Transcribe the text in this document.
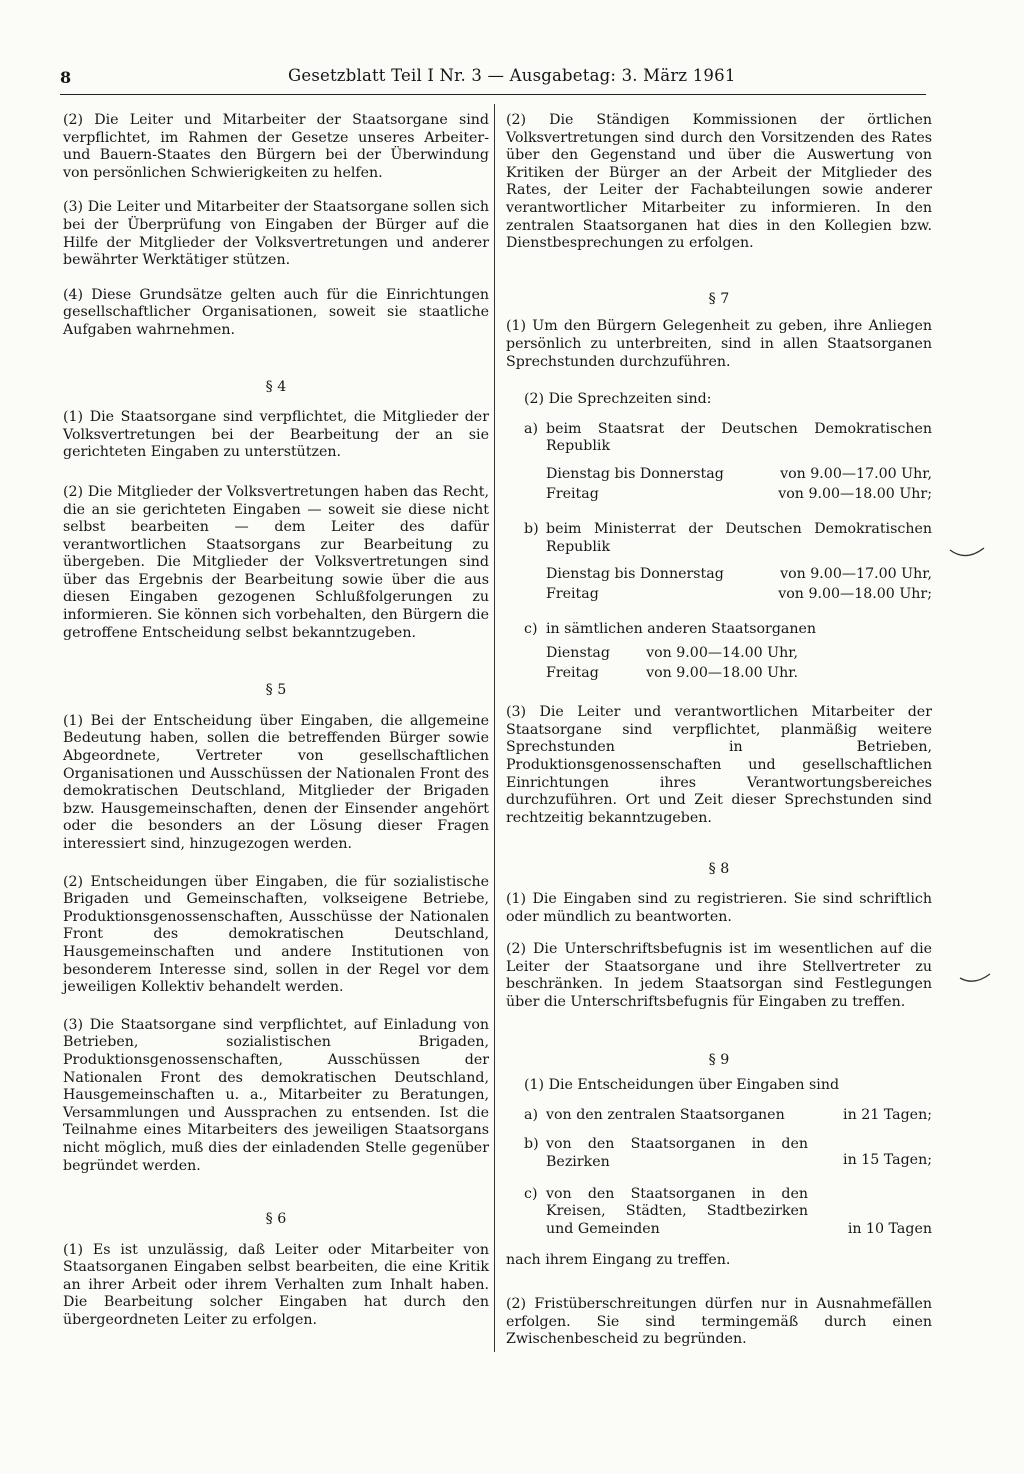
8	Gesetzblatt Teil I Nr. 3 — Ausgabetag: 3. März 1961

(2) Die Leiter und Mitarbeiter der Staatsorgane sind verpflichtet, im Rahmen der Gesetze unseres Arbeiter- und Bauern-Staates den Bürgern bei der Überwindung von persönlichen Schwierigkeiten zu helfen.

(3) Die Leiter und Mitarbeiter der Staatsorgane sollen sich bei der Überprüfung von Eingaben der Bürger auf die Hilfe der Mitglieder der Volksvertretungen und anderer bewährter Werktätiger stützen.

(4) Diese Grundsätze gelten auch für die Einrichtungen gesellschaftlicher Organisationen, soweit sie staatliche Aufgaben wahrnehmen.

§ 4

(1) Die Staatsorgane sind verpflichtet, die Mitglieder der Volksvertretungen bei der Bearbeitung der an sie gerichteten Eingaben zu unterstützen.

(2) Die Mitglieder der Volksvertretungen haben das Recht, die an sie gerichteten Eingaben — soweit sie diese nicht selbst bearbeiten — dem Leiter des dafür verantwortlichen Staatsorgans zur Bearbeitung zu übergeben. Die Mitglieder der Volksvertretungen sind über das Ergebnis der Bearbeitung sowie über die aus diesen Eingaben gezogenen Schlußfolgerungen zu informieren. Sie können sich vorbehalten, den Bürgern die getroffene Entscheidung selbst bekanntzugeben.

§ 5

(1) Bei der Entscheidung über Eingaben, die allgemeine Bedeutung haben, sollen die betreffenden Bürger sowie Abgeordnete, Vertreter von gesellschaftlichen Organisationen und Ausschüssen der Nationalen Front des demokratischen Deutschland, Mitglieder der Brigaden bzw. Hausgemeinschaften, denen der Einsender angehört oder die besonders an der Lösung dieser Fragen interessiert sind, hinzugezogen werden.

(2) Entscheidungen über Eingaben, die für sozialistische Brigaden und Gemeinschaften, volkseigene Betriebe, Produktionsgenossenschaften, Ausschüsse der Nationalen Front des demokratischen Deutschland, Hausgemeinschaften und andere Institutionen von besonderem Interesse sind, sollen in der Regel vor dem jeweiligen Kollektiv behandelt werden.

(3) Die Staatsorgane sind verpflichtet, auf Einladung von Betrieben, sozialistischen Brigaden, Produktionsgenossenschaften, Ausschüssen der Nationalen Front des demokratischen Deutschland, Hausgemeinschaften u. a., Mitarbeiter zu Beratungen, Versammlungen und Aussprachen zu entsenden. Ist die Teilnahme eines Mitarbeiters des jeweiligen Staatsorgans nicht möglich, muß dies der einladenden Stelle gegenüber begründet werden.

§ 6

(1) Es ist unzulässig, daß Leiter oder Mitarbeiter von Staatsorganen Eingaben selbst bearbeiten, die eine Kritik an ihrer Arbeit oder ihrem Verhalten zum Inhalt haben. Die Bearbeitung solcher Eingaben hat durch den übergeordneten Leiter zu erfolgen.

(2) Die Ständigen Kommissionen der örtlichen Volksvertretungen sind durch den Vorsitzenden des Rates über den Gegenstand und über die Auswertung von Kritiken der Bürger an der Arbeit der Mitglieder des Rates, der Leiter der Fachabteilungen sowie anderer verantwortlicher Mitarbeiter zu informieren. In den zentralen Staatsorganen hat dies in den Kollegien bzw. Dienstbesprechungen zu erfolgen.

§ 7

(1) Um den Bürgern Gelegenheit zu geben, ihre Anliegen persönlich zu unterbreiten, sind in allen Staatsorganen Sprechstunden durchzuführen.

(2) Die Sprechzeiten sind:

a) beim Staatsrat der Deutschen Demokratischen Republik
Dienstag bis Donnerstag	von 9.00—17.00 Uhr,
Freitag	von 9.00—18.00 Uhr;
b) beim Ministerrat der Deutschen Demokratischen Republik
Dienstag bis Donnerstag	von 9.00—17.00 Uhr,
Freitag	von 9.00—18.00 Uhr;
c) in sämtlichen anderen Staatsorganen
Dienstag	von 9.00—14.00 Uhr,
Freitag	von 9.00—18.00 Uhr.

(3) Die Leiter und verantwortlichen Mitarbeiter der Staatsorgane sind verpflichtet, planmäßig weitere Sprechstunden in Betrieben, Produktionsgenossenschaften und gesellschaftlichen Einrichtungen ihres Verantwortungsbereiches durchzuführen. Ort und Zeit dieser Sprechstunden sind rechtzeitig bekanntzugeben.

§ 8

(1) Die Eingaben sind zu registrieren. Sie sind schriftlich oder mündlich zu beantworten.

(2) Die Unterschriftsbefugnis ist im wesentlichen auf die Leiter der Staatsorgane und ihre Stellvertreter zu beschränken. In jedem Staatsorgan sind Festlegungen über die Unterschriftsbefugnis für Eingaben zu treffen.

§ 9

(1) Die Entscheidungen über Eingaben sind

a) von den zentralen Staatsorganen	in 21 Tagen;
b) von den Staatsorganen in den Bezirken	in 15 Tagen;
c) von den Staatsorganen in den Kreisen, Städten, Stadtbezirken und Gemeinden	in 10 Tagen

nach ihrem Eingang zu treffen.

(2) Fristüberschreitungen dürfen nur in Ausnahmefällen erfolgen. Sie sind termingemäß durch einen Zwischenbescheid zu begründen.
